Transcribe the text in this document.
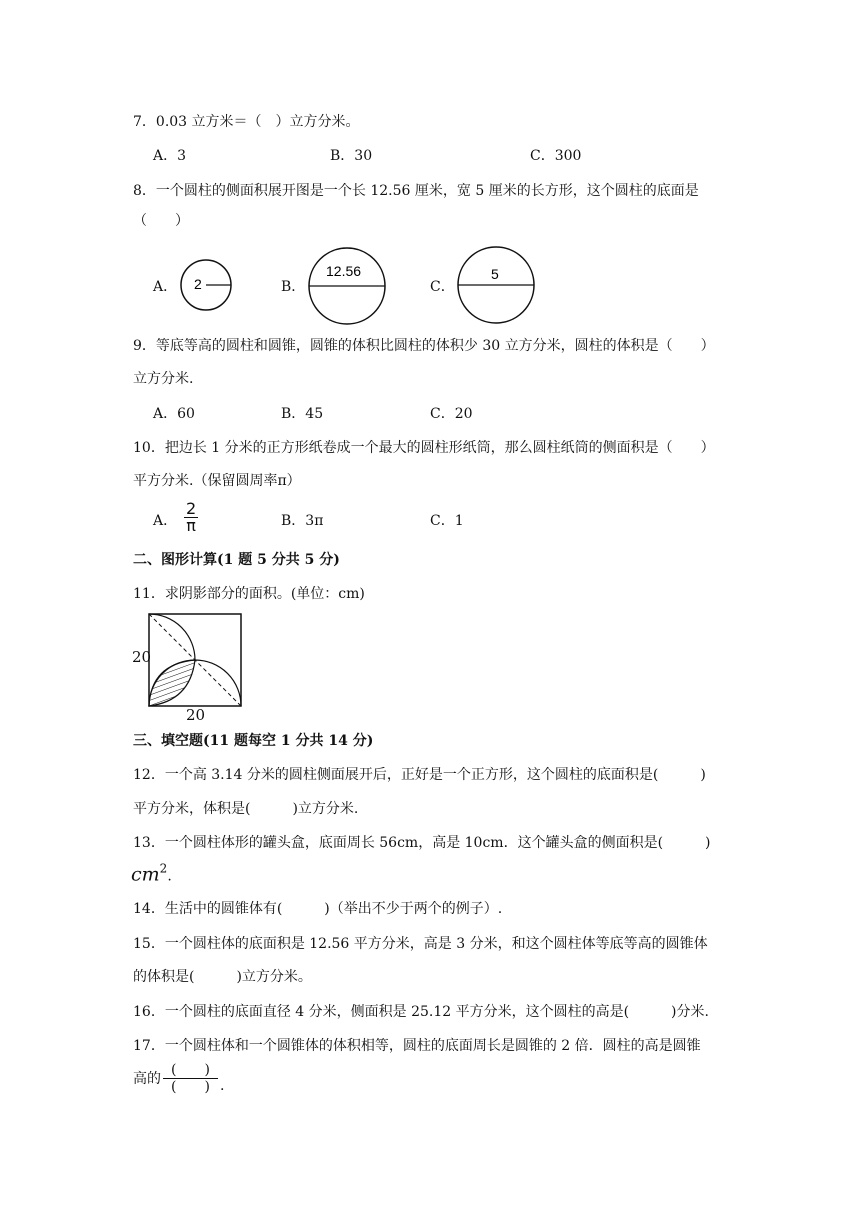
7．0.03 立方米＝（　）立方分米。
A．3	B．30	C．300
8．一个圆柱的侧面积展开图是一个长 12.56 厘米，宽 5 厘米的长方形，这个圆柱的底面是
（　　）
A． 2	B．
12.56
C．
5
9．等底等高的圆柱和圆锥，圆锥的体积比圆柱的体积少 30 立方分米，圆柱的体积是（　　）
立方分米.
A．60	B．45	C．20
10．把边长 1 分米的正方形纸卷成一个最大的圆柱形纸筒，那么圆柱纸筒的侧面积是（　　）
平方分米.（保留圆周率π）
A． $\frac{2}{\pi}$	B．3π	C．1
二、图形计算(1 题 5 分共 5 分)
11．求阴影部分的面积。(单位：cm)
20
20
三、填空题(11 题每空 1 分共 14 分)
12．一个高 3.14 分米的圆柱侧面展开后，正好是一个正方形，这个圆柱的底面积是(　　　)
平方分米，体积是(　　　)立方分米.
13．一个圆柱体形的罐头盒，底面周长 56cm，高是 10cm．这个罐头盒的侧面积是(　　　)
$cm^2$.
14．生活中的圆锥体有(　　　)（举出不少于两个的例子）.
15．一个圆柱体的底面积是 12.56 平方分米，高是 3 分米，和这个圆柱体等底等高的圆锥体
的体积是(　　　)立方分米。
16．一个圆柱的底面直径 4 分米，侧面积是 25.12 平方分米，这个圆柱的高是(　　　)分米.
17．一个圆柱体和一个圆锥体的体积相等，圆柱的底面周长是圆锥的 2 倍．圆柱的高是圆锥
高的 $\frac{( )}{( )}$ .
